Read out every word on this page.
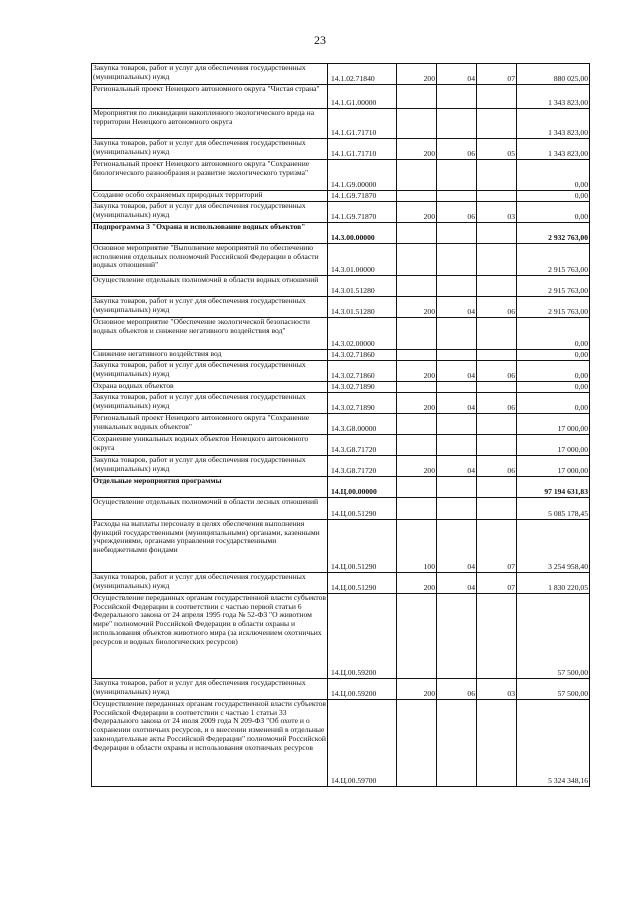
23
Закупка товаров, работ и услуг для обеспечения государственных (муниципальных) нужд	14.1.02.71840	200	04	07	880 025,00

Региональный проект Ненецкого автономного округа "Чистая страна"	14.1.G1.00000				1 343 823,00

Мероприятия по ликвидации накопленного экологического вреда на территории Ненецкого автономного округа	14.1.G1.71710				1 343 823,00

Закупка товаров, работ и услуг для обеспечения государственных (муниципальных) нужд	14.1.G1.71710	200	06	05	1 343 823,00

Региональный проект Ненецкого автономного округа "Сохранение биологического разнообразия и развитие экологического туризма"	14.1.G9.00000				0,00

Создание особо охраняемых природных территорий	14.1.G9.71870				0,00

Закупка товаров, работ и услуг для обеспечения государственных (муниципальных) нужд	14.1.G9.71870	200	06	03	0,00

Подпрограмма 3 "Охрана и использование водных объектов"	14.3.00.00000				2 932 763,00

Основное мероприятие "Выполнение мероприятий по обеспечению исполнения отдельных полномочий Российской Федерации в области водных отношений"	14.3.01.00000				2 915 763,00

Осуществление отдельных полномочий в области водных отношений	14.3.01.51280				2 915 763,00

Закупка товаров, работ и услуг для обеспечения государственных (муниципальных) нужд	14.3.01.51280	200	04	06	2 915 763,00

Основное мероприятие "Обеспечение экологической безопасности водных объектов и снижение негативного воздействия вод"	14.3.02.00000				0,00

Снижение негативного воздействия вод	14.3.02.71860				0,00

Закупка товаров, работ и услуг для обеспечения государственных (муниципальных) нужд	14.3.02.71860	200	04	06	0,00

Охрана водных объектов	14.3.02.71890				0,00

Закупка товаров, работ и услуг для обеспечения государственных (муниципальных) нужд	14.3.02.71890	200	04	06	0,00

Региональный проект Ненецкого автономного округа "Сохранение уникальных водных объектов"	14.3.G8.00000				17 000,00

Сохранение уникальных водных объектов Ненецкого автономного округа	14.3.G8.71720				17 000,00

Закупка товаров, работ и услуг для обеспечения государственных (муниципальных) нужд	14.3.G8.71720	200	04	06	17 000,00

Отдельные мероприятия программы	14.Ц.00.00000				97 194 631,83

Осуществление отдельных полномочий в области лесных отношений	14.Ц.00.51290				5 085 178,45

Расходы на выплаты персоналу в целях обеспечения выполнения функций государственными (муниципальными) органами, казенными учреждениями, органами управления государственными внебюджетными фондами	14.Ц.00.51290	100	04	07	3 254 958,40

Закупка товаров, работ и услуг для обеспечения государственных (муниципальных) нужд	14.Ц.00.51290	200	04	07	1 830 220,05

Осуществление переданных органам государственной власти субъектов Российской Федерации в соответствии с частью первой статьи 6 Федерального закона от 24 апреля 1995 года № 52-ФЗ "О животном мире" полномочий Российской Федерации в области охраны и использования объектов животного мира (за исключением охотничьих ресурсов и водных биологических ресурсов)	14.Ц.00.59200				57 500,00

Закупка товаров, работ и услуг для обеспечения государственных (муниципальных) нужд	14.Ц.00.59200	200	06	03	57 500,00

Осуществление переданных органам государственной власти субъектов Российской Федерации в соответствии с частью 1 статьи 33 Федерального закона от 24 июля 2009 года N 209-ФЗ "Об охоте и о сохранении охотничьих ресурсов, и о внесении изменений в отдельные законодательные акты Российской Федерации" полномочий Российской Федерации в области охраны и использования охотничьих ресурсов	14.Ц.00.59700				5 324 348,16
